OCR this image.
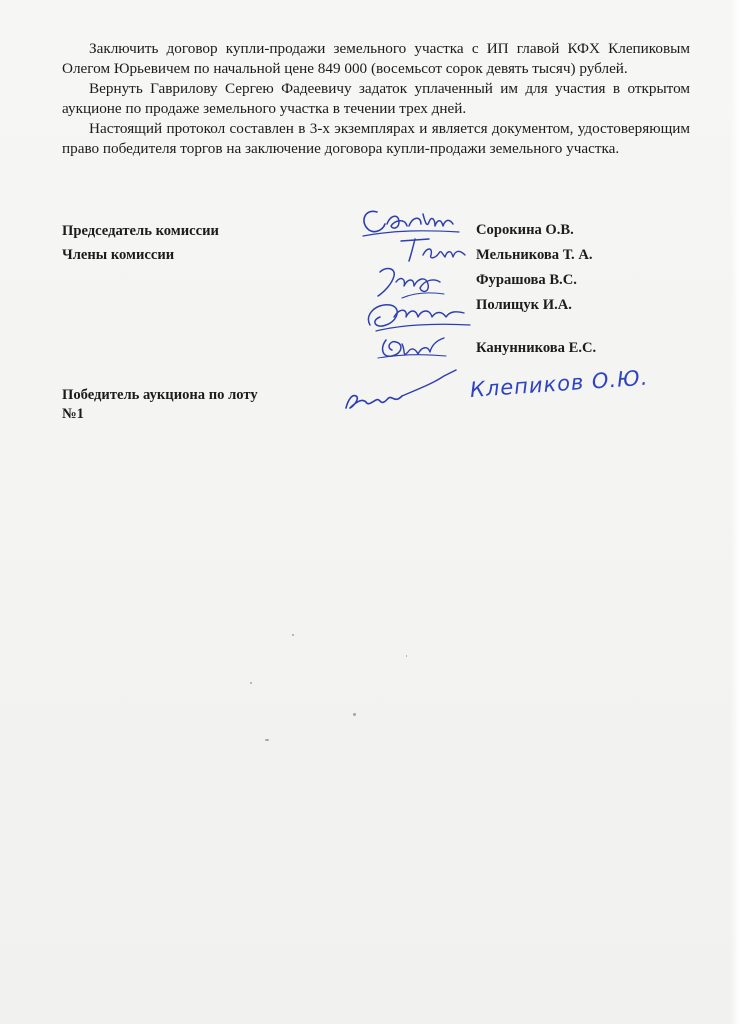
Заключить договор купли-продажи земельного участка с ИП главой КФХ Клепиковым Олегом Юрьевичем по начальной цене 849 000 (восемьсот сорок девять тысяч) рублей.

Вернуть Гаврилову Сергею Фадеевичу задаток уплаченный им для участия в открытом аукционе по продаже земельного участка в течении трех дней.

Настоящий протокол составлен в 3-х экземплярах и является документом, удостоверяющим право победителя торгов на заключение договора купли-продажи земельного участка.

Председатель комиссии
Члены комиссии
Победитель аукциона по лоту №1
Сорокина О.В.
Мельникова Т. А.
Фурашова В.С.
Полищук И.А.
Канунникова Е.С.
Клепиков О.Ю.
